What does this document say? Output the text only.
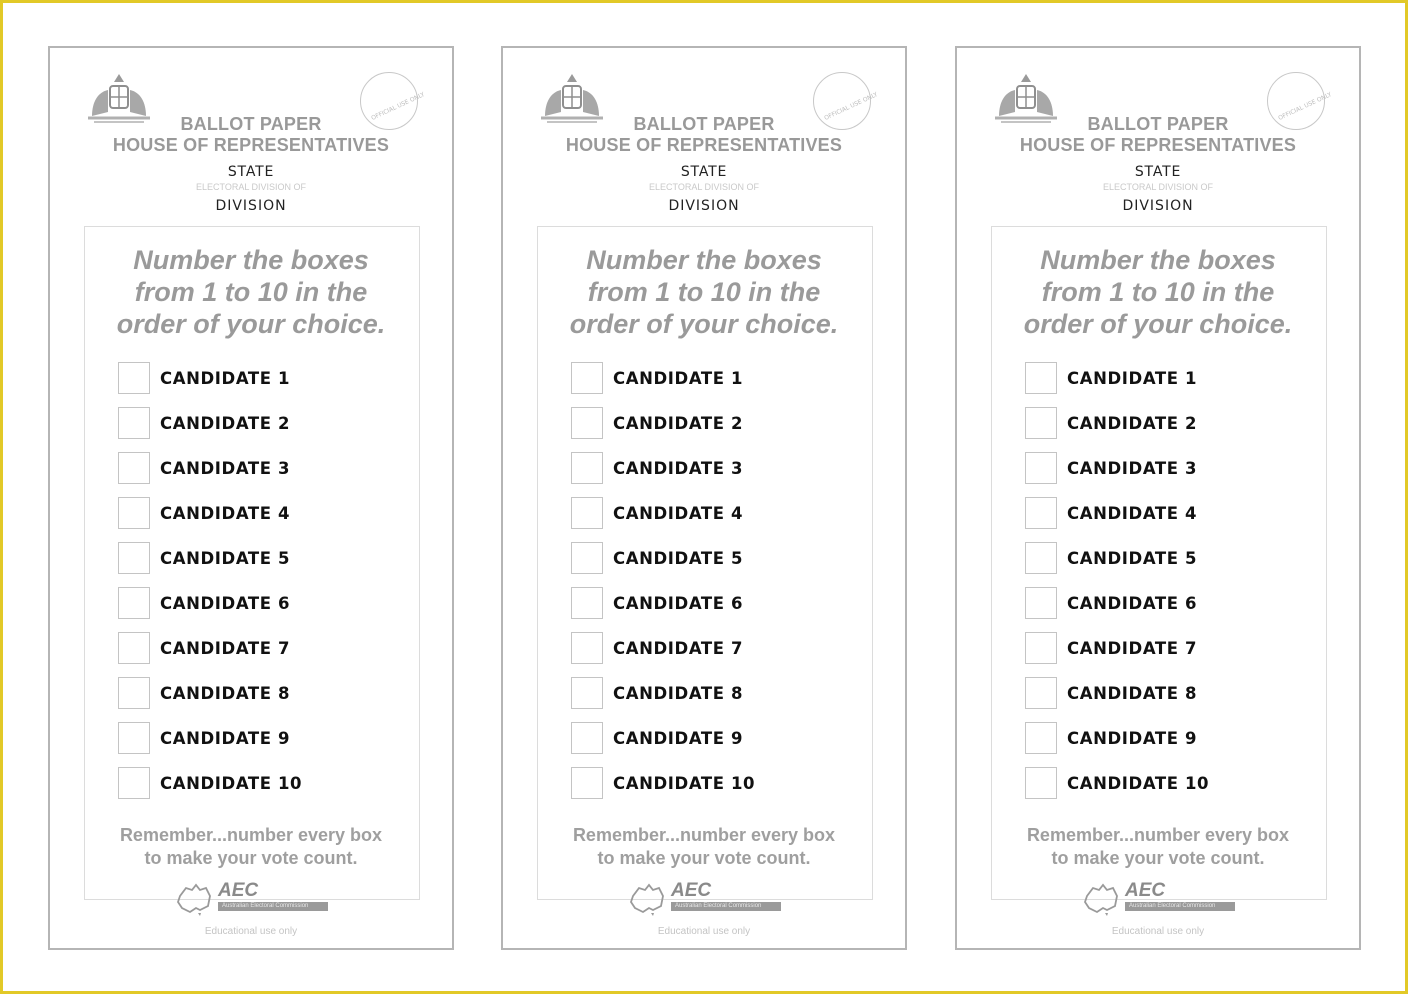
OFFICIAL USE ONLY
BALLOT PAPER
HOUSE OF REPRESENTATIVES
STATE
ELECTORAL DIVISION OF
DIVISION
Number the boxes
from 1 to 10 in the
order of your choice.
CANDIDATE 1
CANDIDATE 2
CANDIDATE 3
CANDIDATE 4
CANDIDATE 5
CANDIDATE 6
CANDIDATE 7
CANDIDATE 8
CANDIDATE 9
CANDIDATE 10
Remember...number every box
to make your vote count.
AEC
Australian Electoral Commission
Educational use only
OFFICIAL USE ONLY
BALLOT PAPER
HOUSE OF REPRESENTATIVES
STATE
ELECTORAL DIVISION OF
DIVISION
Number the boxes
from 1 to 10 in the
order of your choice.
CANDIDATE 1
CANDIDATE 2
CANDIDATE 3
CANDIDATE 4
CANDIDATE 5
CANDIDATE 6
CANDIDATE 7
CANDIDATE 8
CANDIDATE 9
CANDIDATE 10
Remember...number every box
to make your vote count.
AEC
Australian Electoral Commission
Educational use only
OFFICIAL USE ONLY
BALLOT PAPER
HOUSE OF REPRESENTATIVES
STATE
ELECTORAL DIVISION OF
DIVISION
Number the boxes
from 1 to 10 in the
order of your choice.
CANDIDATE 1
CANDIDATE 2
CANDIDATE 3
CANDIDATE 4
CANDIDATE 5
CANDIDATE 6
CANDIDATE 7
CANDIDATE 8
CANDIDATE 9
CANDIDATE 10
Remember...number every box
to make your vote count.
AEC
Australian Electoral Commission
Educational use only
